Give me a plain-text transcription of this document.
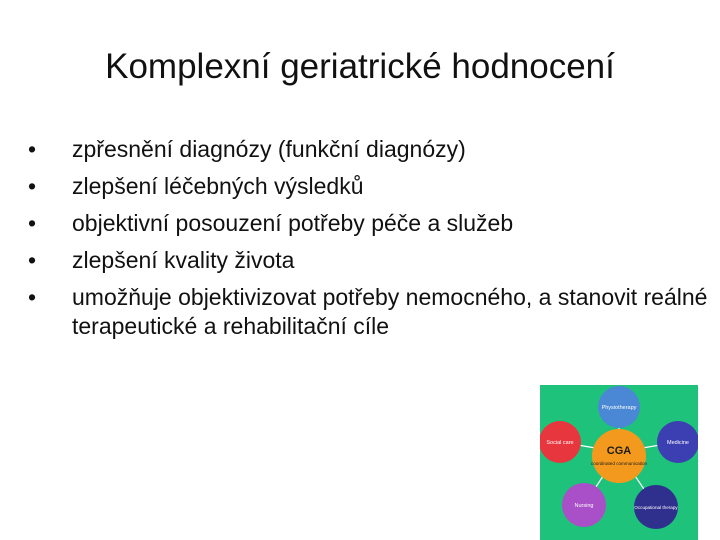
Komplexní geriatrické hodnocení
•	zpřesnění diagnózy (funkční diagnózy)
•	zlepšení léčebných výsledků
•	objektivní posouzení potřeby péče a služeb
•	zlepšení kvality života
•	umožňuje objektivizovat potřeby nemocného, a stanovit reálné terapeutické a rehabilitační cíle
Physiotherapy
Social care	Medicine
Nursing	Occupational therapy
CGA
coordinated communication
